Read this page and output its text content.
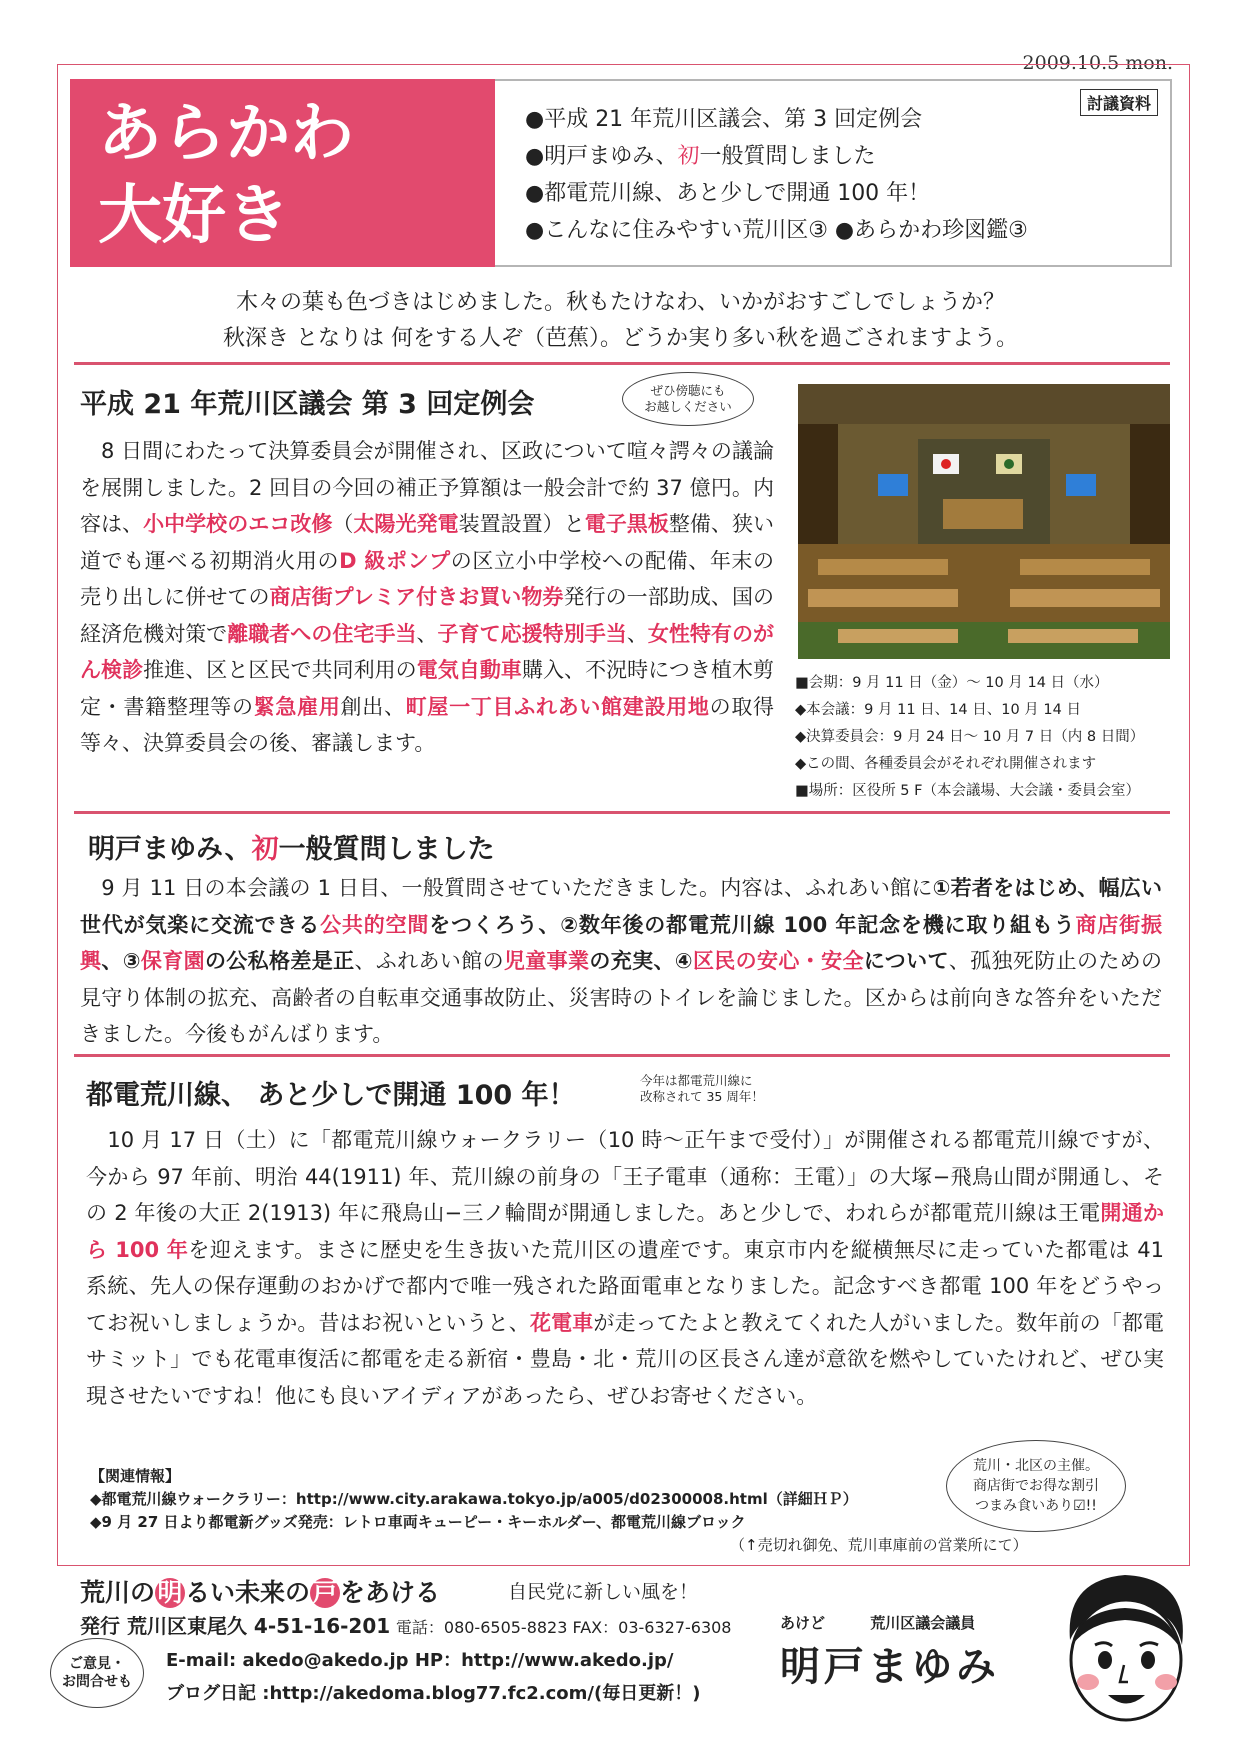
2009.10.5 mon.
あらかわ
大好き NEWS
討議資料
●平成 21 年荒川区議会、第 3 回定例会
●明戸まゆみ、初一般質問しました
●都電荒川線、あと少しで開通 100 年！
●こんなに住みやすい荒川区③ ●あらかわ珍図鑑③
木々の葉も色づきはじめました。秋もたけなわ、いかがおすごしでしょうか？
秋深き となりは 何をする人ぞ（芭蕉）。どうか実り多い秋を過ごされますよう。
平成 21 年荒川区議会 第 3 回定例会	ぜひ傍聴にも
お越しください
　8 日間にわたって決算委員会が開催され、区政について喧々諤々の議論を展開しました。2 回目の今回の補正予算額は一般会計で約 37 億円。内容は、小中学校のエコ改修（太陽光発電装置設置）と電子黒板整備、狭い道でも運べる初期消火用のD 級ポンプの区立小中学校への配備、年末の売り出しに併せての商店街プレミア付きお買い物券発行の一部助成、国の経済危機対策で離職者への住宅手当、子育て応援特別手当、女性特有のがん検診推進、区と区民で共同利用の電気自動車購入、不況時につき植木剪定・書籍整理等の緊急雇用創出、町屋一丁目ふれあい館建設用地の取得等々、決算委員会の後、審議します。
■会期：9 月 11 日（金）〜 10 月 14 日（水）
◆本会議：9 月 11 日、14 日、10 月 14 日
◆決算委員会：9 月 24 日〜 10 月 7 日（内 8 日間）
◆この間、各種委員会がそれぞれ開催されます
■場所：区役所 5 F（本会議場、大会議・委員会室）
明戸まゆみ、初一般質問しました
　9 月 11 日の本会議の 1 日目、一般質問させていただきました。内容は、ふれあい館に①若者をはじめ、幅広い世代が気楽に交流できる公共的空間をつくろう、②数年後の都電荒川線 100 年記念を機に取り組もう商店街振興、③保育園の公私格差是正、ふれあい館の児童事業の充実、④区民の安心・安全について、孤独死防止のための見守り体制の拡充、高齢者の自転車交通事故防止、災害時のトイレを論じました。区からは前向きな答弁をいただきました。今後もがんばります。
都電荒川線、 あと少しで開通 100 年！	今年は都電荒川線に
改称されて 35 周年！
　10 月 17 日（土）に「都電荒川線ウォークラリー（10 時〜正午まで受付）」が開催される都電荒川線ですが、今から 97 年前、明治 44(1911) 年、荒川線の前身の「王子電車（通称：王電）」の大塚−飛鳥山間が開通し、その 2 年後の大正 2(1913) 年に飛鳥山−三ノ輪間が開通しました。あと少しで、われらが都電荒川線は王電開通から 100 年を迎えます。まさに歴史を生き抜いた荒川区の遺産です。東京市内を縦横無尽に走っていた都電は 41 系統、先人の保存運動のおかげで都内で唯一残された路面電車となりました。記念すべき都電 100 年をどうやってお祝いしましょうか。昔はお祝いというと、花電車が走ってたよと教えてくれた人がいました。数年前の「都電サミット」でも花電車復活に都電を走る新宿・豊島・北・荒川の区長さん達が意欲を燃やしていたけれど、ぜひ実現させたいですね！他にも良いアイディアがあったら、ぜひお寄せください。
【関連情報】
◆都電荒川線ウォークラリー：http://www.city.arakawa.tokyo.jp/a005/d02300008.html（詳細ＨＰ）
◆9 月 27 日より都電新グッズ発売：レトロ車両キューピー・キーホルダー、都電荒川線ブロック
（↑売切れ御免、荒川車庫前の営業所にて）
荒川・北区の主催。
商店街でお得な割引
つまみ食いあり☑!!
荒川の明 るい未来の戸 をあける	自民党に新しい風を！
発行 荒川区東尾久 4-51-16-201 電話：080-6505-8823 FAX：03-6327-6308
E-mail: akedo@akedo.jp HP：http://www.akedo.jp/
ブログ日記 :http://akedoma.blog77.fc2.com/(毎日更新！)
ご意見・
お問合せも
あけど	荒川区議会議員
明戸まゆみ
